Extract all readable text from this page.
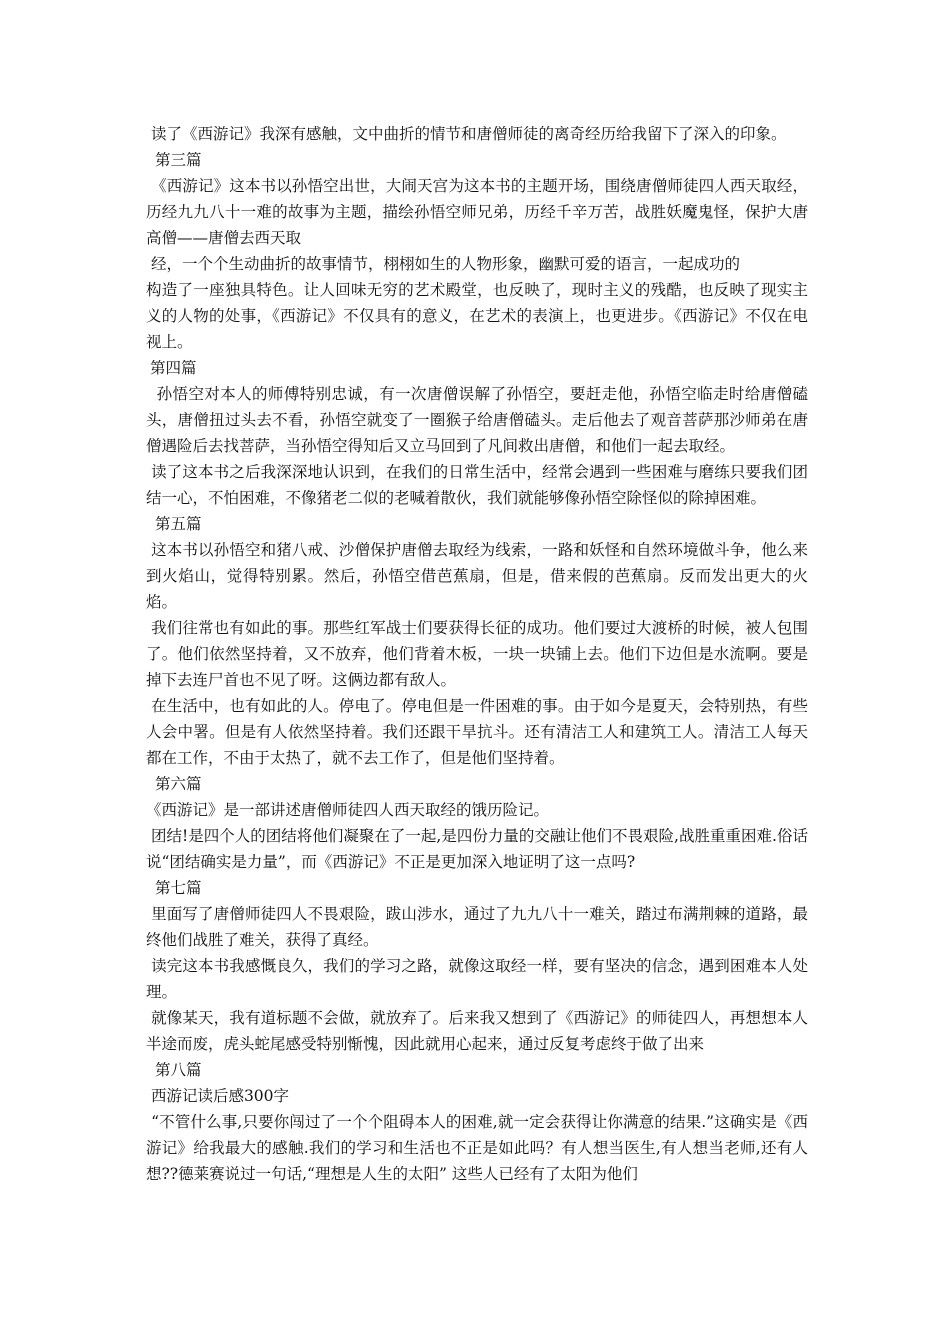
读了《西游记》我深有感触，文中曲折的情节和唐僧师徒的离奇经历给我留下了深入的印象。

第三篇

《西游记》这本书以孙悟空出世，大闹天宫为这本书的主题开场，围绕唐僧师徒四人西天取经，历经九九八十一难的故事为主题，描绘孙悟空师兄弟，历经千辛万苦，战胜妖魔鬼怪，保护大唐高僧——唐僧去西天取

经，一个个生动曲折的故事情节，栩栩如生的人物形象，幽默可爱的语言，一起成功的

构造了一座独具特色。让人回味无穷的艺术殿堂，也反映了，现时主义的残酷，也反映了现实主义的人物的处事，《西游记》不仅具有的意义，在艺术的表演上，也更进步。《西游记》不仅在电视上。

第四篇

孙悟空对本人的师傅特别忠诚，有一次唐僧误解了孙悟空，要赶走他，孙悟空临走时给唐僧磕头，唐僧扭过头去不看，孙悟空就变了一圈猴子给唐僧磕头。走后他去了观音菩萨那沙师弟在唐僧遇险后去找菩萨，当孙悟空得知后又立马回到了凡间救出唐僧，和他们一起去取经。

读了这本书之后我深深地认识到，在我们的日常生活中，经常会遇到一些困难与磨练只要我们团结一心，不怕困难，不像猪老二似的老喊着散伙，我们就能够像孙悟空除怪似的除掉困难。

第五篇

这本书以孙悟空和猪八戒、沙僧保护唐僧去取经为线索，一路和妖怪和自然环境做斗争，他么来到火焰山，觉得特别累。然后，孙悟空借芭蕉扇，但是，借来假的芭蕉扇。反而发出更大的火焰。

我们往常也有如此的事。那些红军战士们要获得长征的成功。他们要过大渡桥的时候，被人包围了。他们依然坚持着，又不放弃，他们背着木板，一块一块铺上去。他们下边但是水流啊。要是掉下去连尸首也不见了呀。这俩边都有敌人。

在生活中，也有如此的人。停电了。停电但是一件困难的事。由于如今是夏天，会特别热，有些人会中署。但是有人依然坚持着。我们还跟干旱抗斗。还有清洁工人和建筑工人。清洁工人每天都在工作，不由于太热了，就不去工作了，但是他们坚持着。

第六篇

《西游记》是一部讲述唐僧师徒四人西天取经的饿历险记。

团结!是四个人的团结将他们凝聚在了一起,是四份力量的交融让他们不畏艰险,战胜重重困难.俗话说“团结确实是力量”，而《西游记》不正是更加深入地证明了这一点吗?

第七篇

里面写了唐僧师徒四人不畏艰险，跋山涉水，通过了九九八十一难关，踏过布满荆棘的道路，最终他们战胜了难关，获得了真经。

读完这本书我感慨良久，我们的学习之路，就像这取经一样，要有坚决的信念，遇到困难本人处理。

就像某天，我有道标题不会做，就放弃了。后来我又想到了《西游记》的师徒四人，再想想本人半途而废，虎头蛇尾感受特别惭愧，因此就用心起来，通过反复考虑终于做了出来

第八篇

西游记读后感300字

“不管什么事,只要你闯过了一个个阻碍本人的困难,就一定会获得让你满意的结果.”这确实是《西游记》给我最大的感触.我们的学习和生活也不正是如此吗？有人想当医生,有人想当老师,还有人想??德莱赛说过一句话,“理想是人生的太阳” 这些人已经有了太阳为他们
